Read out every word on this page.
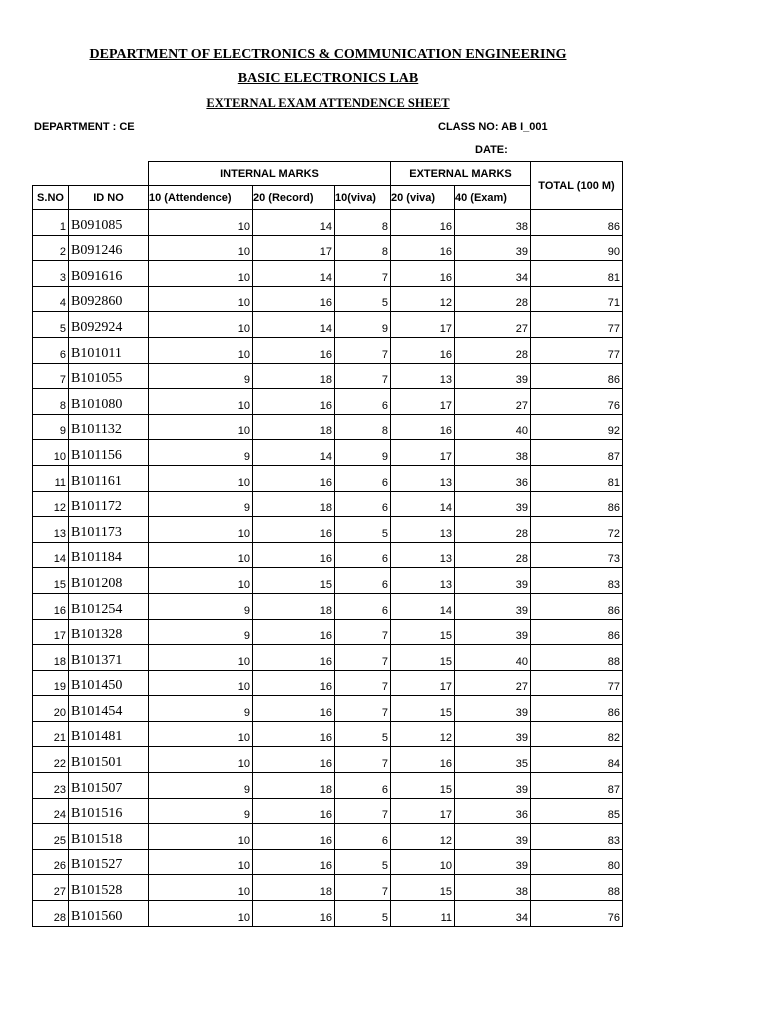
DEPARTMENT OF ELECTRONICS & COMMUNICATION ENGINEERING
BASIC ELECTRONICS LAB
EXTERNAL EXAM ATTENDENCE SHEET
DEPARTMENT : CE	CLASS NO: AB I_001
DATE:
		INTERNAL MARKS			EXTERNAL MARKS		TOTAL (100 M)
S.NO	ID NO	10 (Attendence)	20 (Record)	10(viva)	20 (viva)	40 (Exam)	
1	B091085	10	14	8	16	38	86
2	B091246	10	17	8	16	39	90
3	B091616	10	14	7	16	34	81
4	B092860	10	16	5	12	28	71
5	B092924	10	14	9	17	27	77
6	B101011	10	16	7	16	28	77
7	B101055	9	18	7	13	39	86
8	B101080	10	16	6	17	27	76
9	B101132	10	18	8	16	40	92
10	B101156	9	14	9	17	38	87
11	B101161	10	16	6	13	36	81
12	B101172	9	18	6	14	39	86
13	B101173	10	16	5	13	28	72
14	B101184	10	16	6	13	28	73
15	B101208	10	15	6	13	39	83
16	B101254	9	18	6	14	39	86
17	B101328	9	16	7	15	39	86
18	B101371	10	16	7	15	40	88
19	B101450	10	16	7	17	27	77
20	B101454	9	16	7	15	39	86
21	B101481	10	16	5	12	39	82
22	B101501	10	16	7	16	35	84
23	B101507	9	18	6	15	39	87
24	B101516	9	16	7	17	36	85
25	B101518	10	16	6	12	39	83
26	B101527	10	16	5	10	39	80
27	B101528	10	18	7	15	38	88
28	B101560	10	16	5	11	34	76
